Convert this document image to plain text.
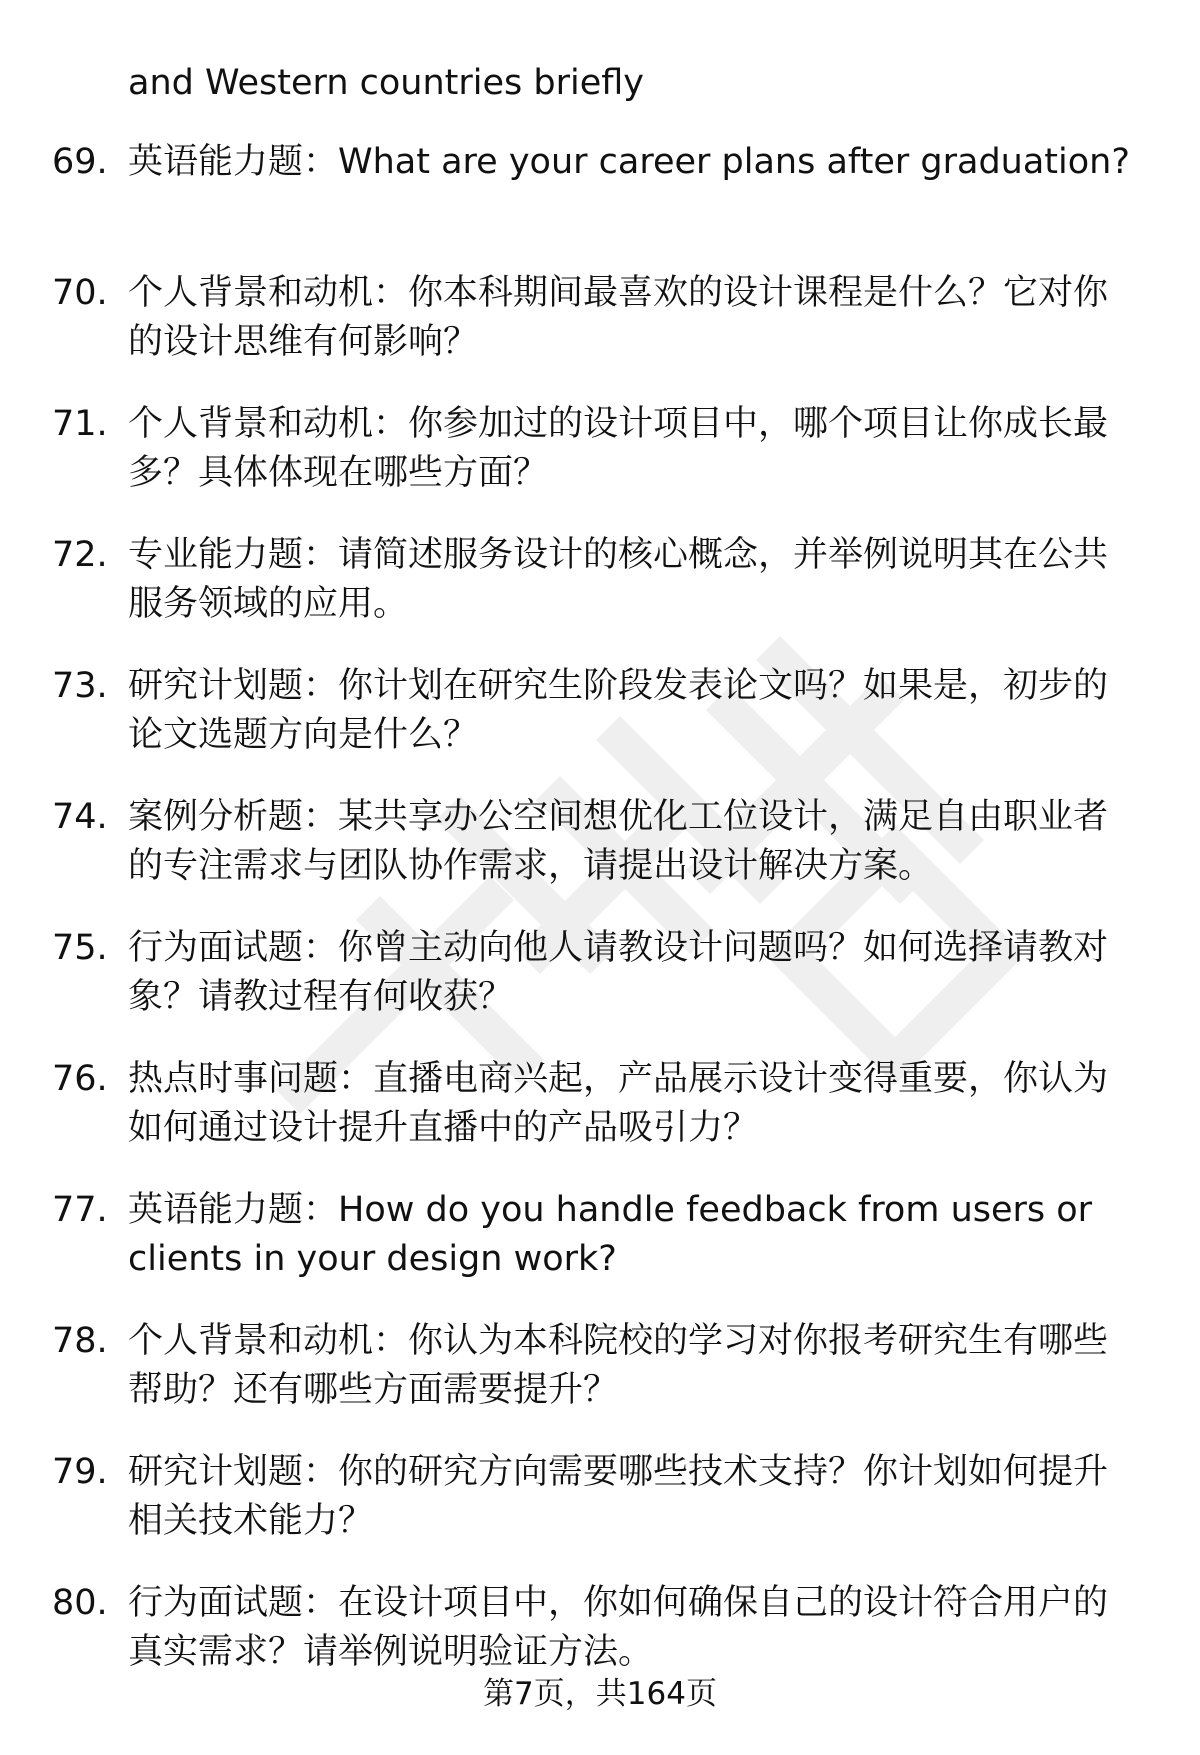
and Western countries briefly
69. 英语能力题：What are your career plans after graduation?
70. 个人背景和动机：你本科期间最喜欢的设计课程是什么？它对你
的设计思维有何影响？
71. 个人背景和动机：你参加过的设计项目中，哪个项目让你成长最
多？具体体现在哪些方面？
72. 专业能力题：请简述服务设计的核心概念，并举例说明其在公共
服务领域的应用。
73. 研究计划题：你计划在研究生阶段发表论文吗？如果是，初步的
论文选题方向是什么？
74. 案例分析题：某共享办公空间想优化工位设计，满足自由职业者
的专注需求与团队协作需求，请提出设计解决方案。
75. 行为面试题：你曾主动向他人请教设计问题吗？如何选择请教对
象？请教过程有何收获？
76. 热点时事问题：直播电商兴起，产品展示设计变得重要，你认为
如何通过设计提升直播中的产品吸引力？
77. 英语能力题：How do you handle feedback from users or
clients in your design work?
78. 个人背景和动机：你认为本科院校的学习对你报考研究生有哪些
帮助？还有哪些方面需要提升？
79. 研究计划题：你的研究方向需要哪些技术支持？你计划如何提升
相关技术能力？
80. 行为面试题：在设计项目中，你如何确保自己的设计符合用户的
真实需求？请举例说明验证方法。
第7页，共164页
